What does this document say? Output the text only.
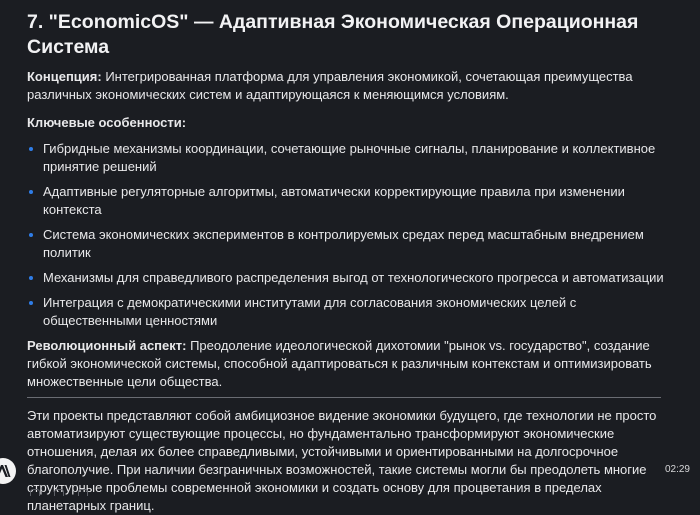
7. "EconomicOS" — Адаптивная Экономическая Операционная Система

Концепция: Интегрированная платформа для управления экономикой, сочетающая преимущества различных экономических систем и адаптирующаяся к меняющимся условиям.

Ключевые особенности:

Гибридные механизмы координации, сочетающие рыночные сигналы, планирование и коллективное принятие решений
Адаптивные регуляторные алгоритмы, автоматически корректирующие правила при изменении контекста
Система экономических экспериментов в контролируемых средах перед масштабным внедрением политик
Механизмы для справедливого распределения выгод от технологического прогресса и автоматизации
Интеграция с демократическими институтами для согласования экономических целей с общественными ценностями

Революционный аспект: Преодоление идеологической дихотомии "рынок vs. государство", создание гибкой экономической системы, способной адаптироваться к различным контекстам и оптимизировать множественные цели общества.

Эти проекты представляют собой амбициозное видение экономики будущего, где технологии не просто автоматизируют существующие процессы, но фундаментально трансформируют экономические отношения, делая их более справедливыми, устойчивыми и ориентированными на долгосрочное благополучие. При наличии безграничных возможностей, такие системы могли бы преодолеть многие структурные проблемы современной экономики и создать основу для процветания в пределах планетарных границ.

02:29
